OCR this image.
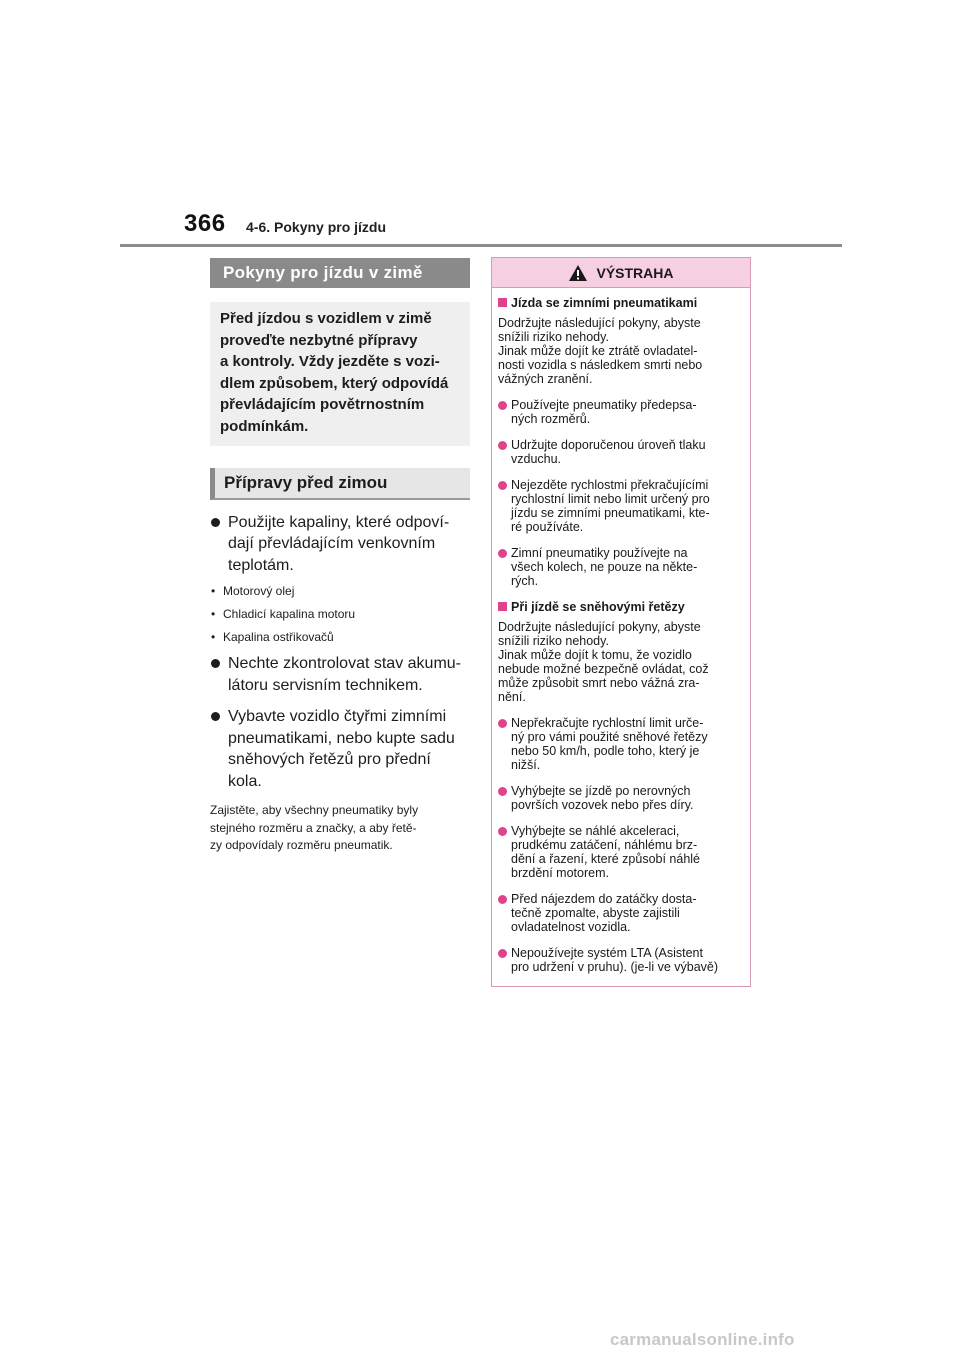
366 4-6. Pokyny pro jízdu
Pokyny pro jízdu v zimě
Před jízdou s vozidlem v zimě
proveďte nezbytné přípravy
a kontroly. Vždy jezděte s vozi-
dlem způsobem, který odpovídá
převládajícím povětrnostním
podmínkám.
Přípravy před zimou
Použijte kapaliny, které odpoví-
dají převládajícím venkovním
teplotám.
• Motorový olej
• Chladicí kapalina motoru
• Kapalina ostřikovačů
Nechte zkontrolovat stav akumu-
látoru servisním technikem.
Vybavte vozidlo čtyřmi zimními
pneumatikami, nebo kupte sadu
sněhových řetězů pro přední
kola.
Zajistěte, aby všechny pneumatiky byly
stejného rozměru a značky, a aby řetě-
zy odpovídaly rozměru pneumatik.
VÝSTRAHA
Jízda se zimními pneumatikami
Dodržujte následující pokyny, abyste
snížili riziko nehody.
Jinak může dojít ke ztrátě ovladatel-
nosti vozidla s následkem smrti nebo
vážných zranění.
Používejte pneumatiky předepsa-
ných rozměrů.
Udržujte doporučenou úroveň tlaku
vzduchu.
Nejezděte rychlostmi překračujícími
rychlostní limit nebo limit určený pro
jízdu se zimními pneumatikami, kte-
ré používáte.
Zimní pneumatiky používejte na
všech kolech, ne pouze na někte-
rých.
Při jízdě se sněhovými řetězy
Dodržujte následující pokyny, abyste
snížili riziko nehody.
Jinak může dojít k tomu, že vozidlo
nebude možné bezpečně ovládat, což
může způsobit smrt nebo vážná zra-
nění.
Nepřekračujte rychlostní limit urče-
ný pro vámi použité sněhové řetězy
nebo 50 km/h, podle toho, který je
nižší.
Vyhýbejte se jízdě po nerovných
površích vozovek nebo přes díry.
Vyhýbejte se náhlé akceleraci,
prudkému zatáčení, náhlému brz-
dění a řazení, které způsobí náhlé
brzdění motorem.
Před nájezdem do zatáčky dosta-
tečně zpomalte, abyste zajistili
ovladatelnost vozidla.
Nepoužívejte systém LTA (Asistent
pro udržení v pruhu). (je-li ve výbavě)
carmanualsonline.info
